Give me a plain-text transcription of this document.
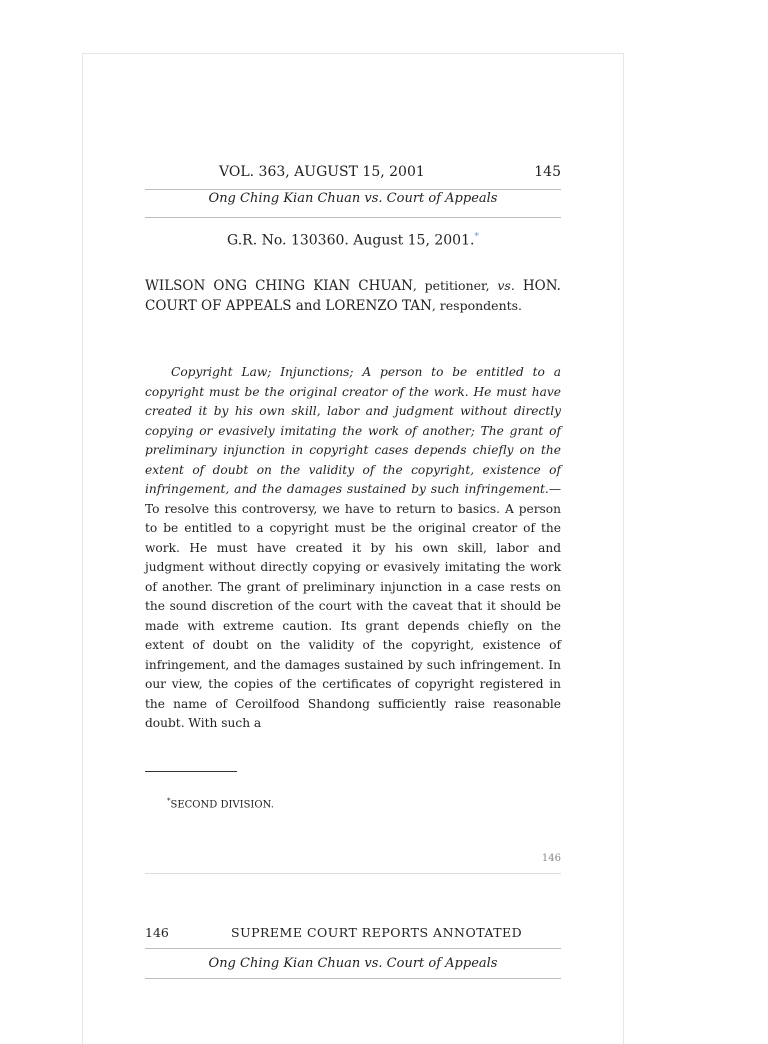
VOL. 363, AUGUST 15, 2001	145
Ong Ching Kian Chuan vs. Court of Appeals
G.R. No. 130360. August 15, 2001.*
WILSON ONG CHING KIAN CHUAN, petitioner, vs. HON. COURT OF APPEALS and LORENZO TAN, respondents.
Copyright Law; Injunctions; A person to be entitled to a copyright must be the original creator of the work. He must have created it by his own skill, labor and judgment without directly copying or evasively imitating the work of another; The grant of preliminary injunction in copyright cases depends chiefly on the extent of doubt on the validity of the copyright, existence of infringement, and the damages sustained by such infringement.—To resolve this controversy, we have to return to basics. A person to be entitled to a copyright must be the original creator of the work. He must have created it by his own skill, labor and judgment without directly copying or evasively imitating the work of another. The grant of preliminary injunction in a case rests on the sound discretion of the court with the caveat that it should be made with extreme caution. Its grant depends chiefly on the extent of doubt on the validity of the copyright, existence of infringement, and the damages sustained by such infringement. In our view, the copies of the certificates of copyright registered in the name of Ceroilfood Shandong sufficiently raise reasonable doubt. With such a
*SECOND DIVISION.
146
146	SUPREME COURT REPORTS ANNOTATED
Ong Ching Kian Chuan vs. Court of Appeals
